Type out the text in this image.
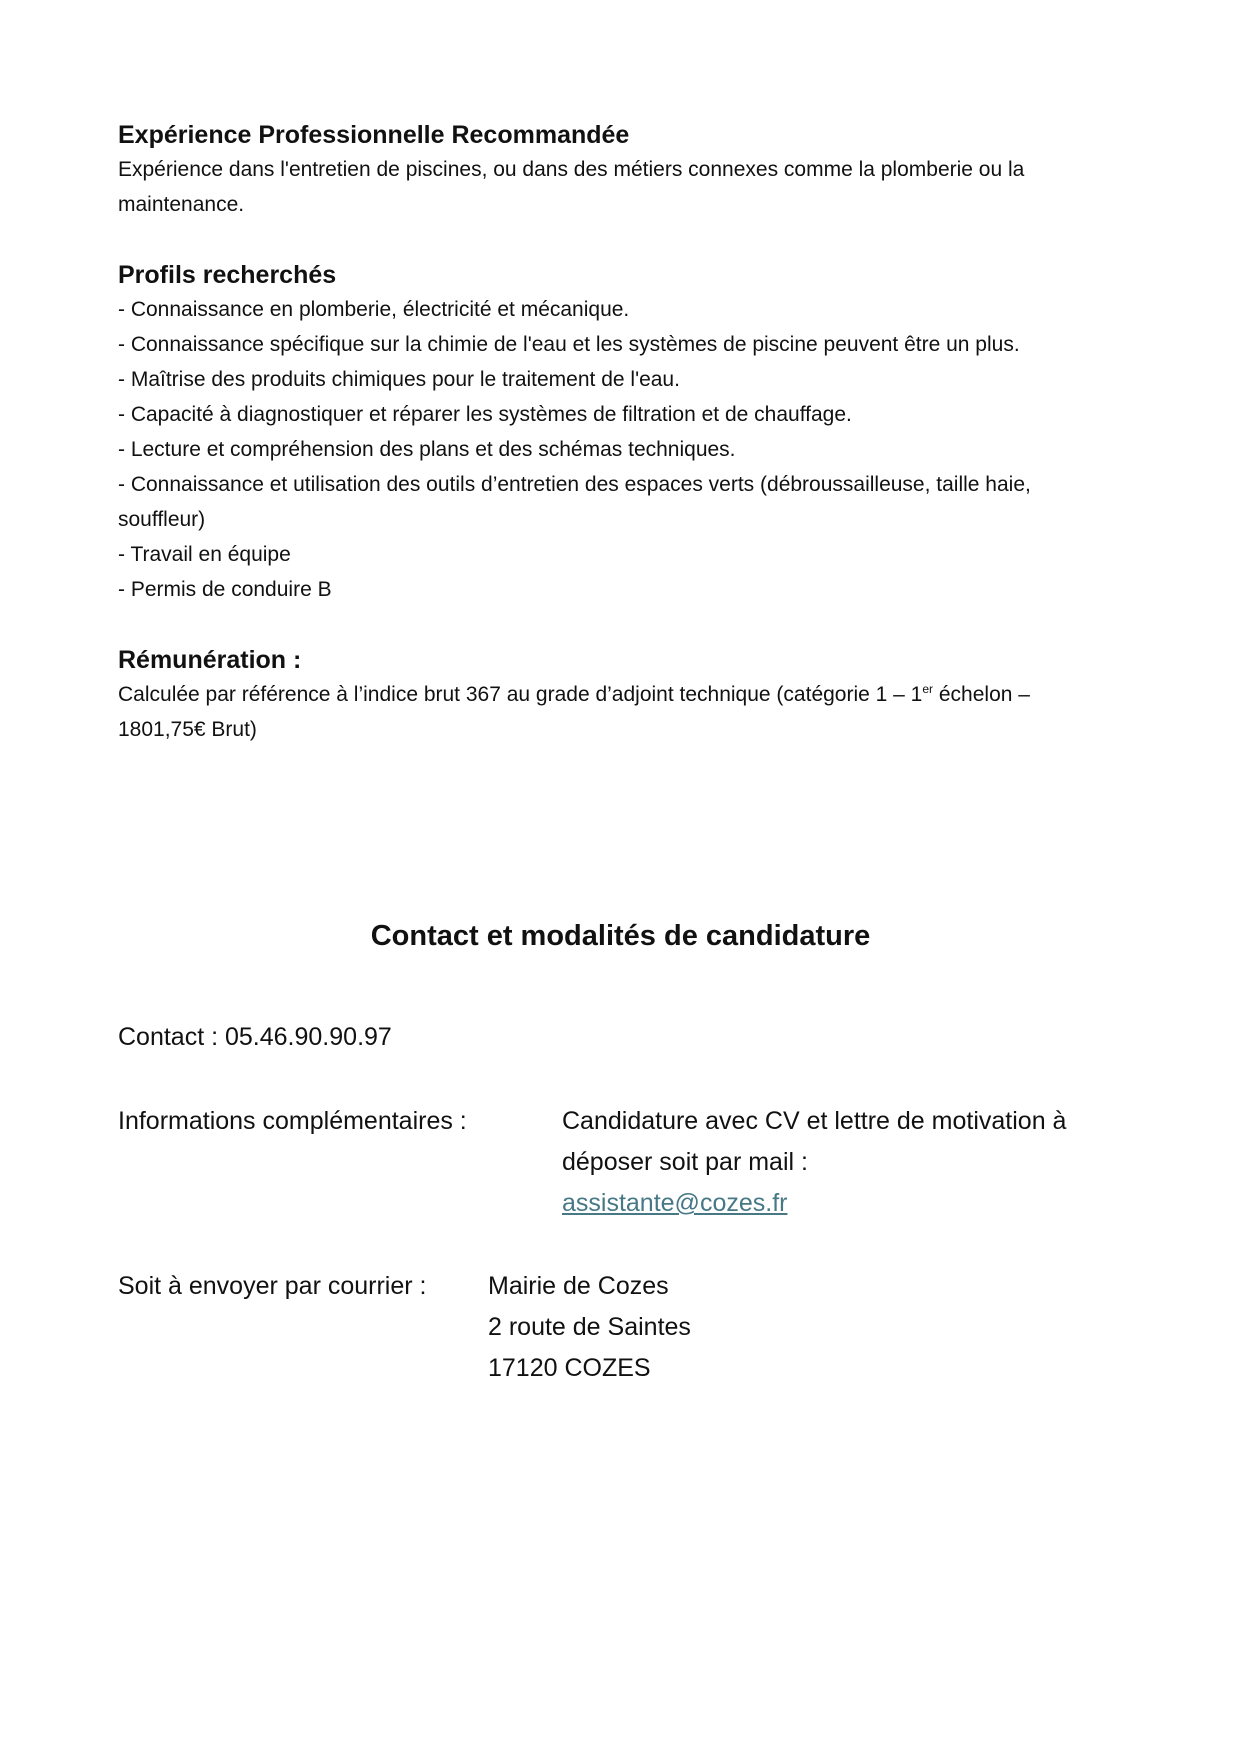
Expérience Professionnelle Recommandée

Expérience dans l'entretien de piscines, ou dans des métiers connexes comme la plomberie ou la maintenance.

Profils recherchés

- Connaissance en plomberie, électricité et mécanique.
- Connaissance spécifique sur la chimie de l'eau et les systèmes de piscine peuvent être un plus.
- Maîtrise des produits chimiques pour le traitement de l'eau.
- Capacité à diagnostiquer et réparer les systèmes de filtration et de chauffage.
- Lecture et compréhension des plans et des schémas techniques.
- Connaissance et utilisation des outils d’entretien des espaces verts (débroussailleuse, taille haie, souffleur)
- Travail en équipe
- Permis de conduire B

Rémunération :

Calculée par référence à l’indice brut 367 au grade d’adjoint technique (catégorie 1 – 1er échelon – 1801,75€ Brut)

Contact et modalités de candidature
Contact : 05.46.90.90.97
Informations complémentaires :	Candidature avec CV et lettre de motivation à déposer soit par mail :
assistante@cozes.fr
Soit à envoyer par courrier : Mairie de Cozes
2 route de Saintes
17120 COZES
